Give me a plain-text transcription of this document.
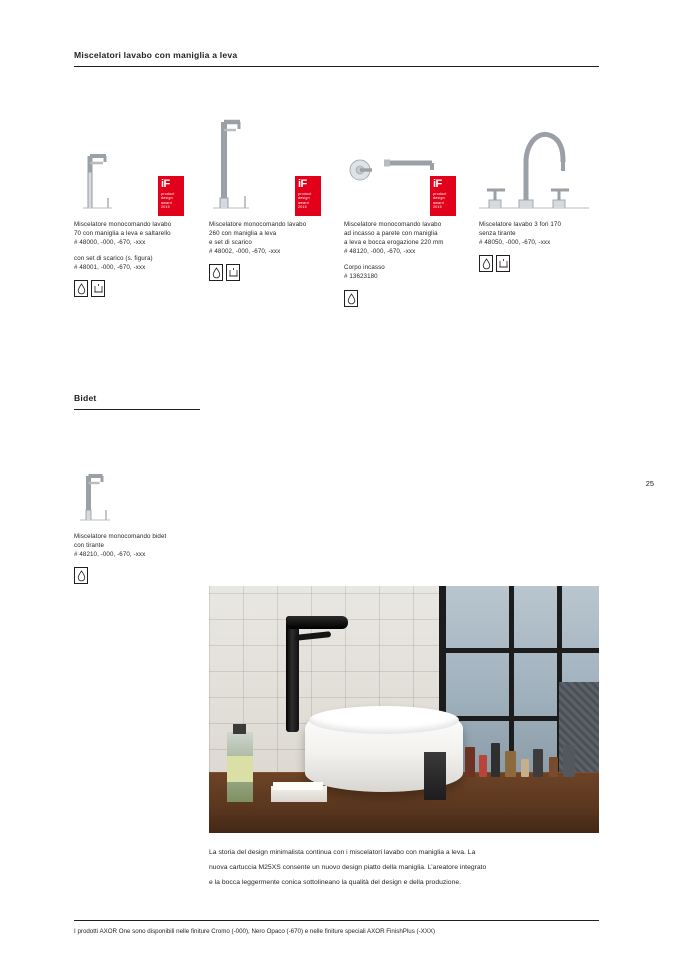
Miscelatori lavabo con maniglia a leva
Miscelatore monocomando lavabo
70 con maniglia a leva e saltarello
# 48000, -000, -670, -xxx
con set di scarico (s. figura)
# 48001, -000, -670, -xxx
iF
product
design award
2015
Miscelatore monocomando lavabo
260 con maniglia a leva
e set di scarico
# 48002, -000, -670, -xxx
iF
product
design award
2015
Miscelatore monocomando lavabo
ad incasso a parete con maniglia
a leva e bocca erogazione 220 mm
# 48120, -000, -670, -xxx
Corpo incasso
# 13623180
iF
product
design award
2015
Miscelatore lavabo 3 fori 170
senza tirante
# 48050, -000, -670, -xxx
Bidet
25
Miscelatore monocomando bidet
con tirante
# 48210, -000, -670, -xxx
La storia del design minimalista continua con i miscelatori lavabo con maniglia a leva. La
nuova cartuccia M25XS consente un nuovo design piatto della maniglia. L’areatore integrato
e la bocca leggermente conica sottolineano la qualità del design e della produzione.
I prodotti AXOR One sono disponibili nelle finiture Cromo (-000), Nero Opaco (-670) e nelle finiture speciali AXOR FinishPlus (-XXX)
